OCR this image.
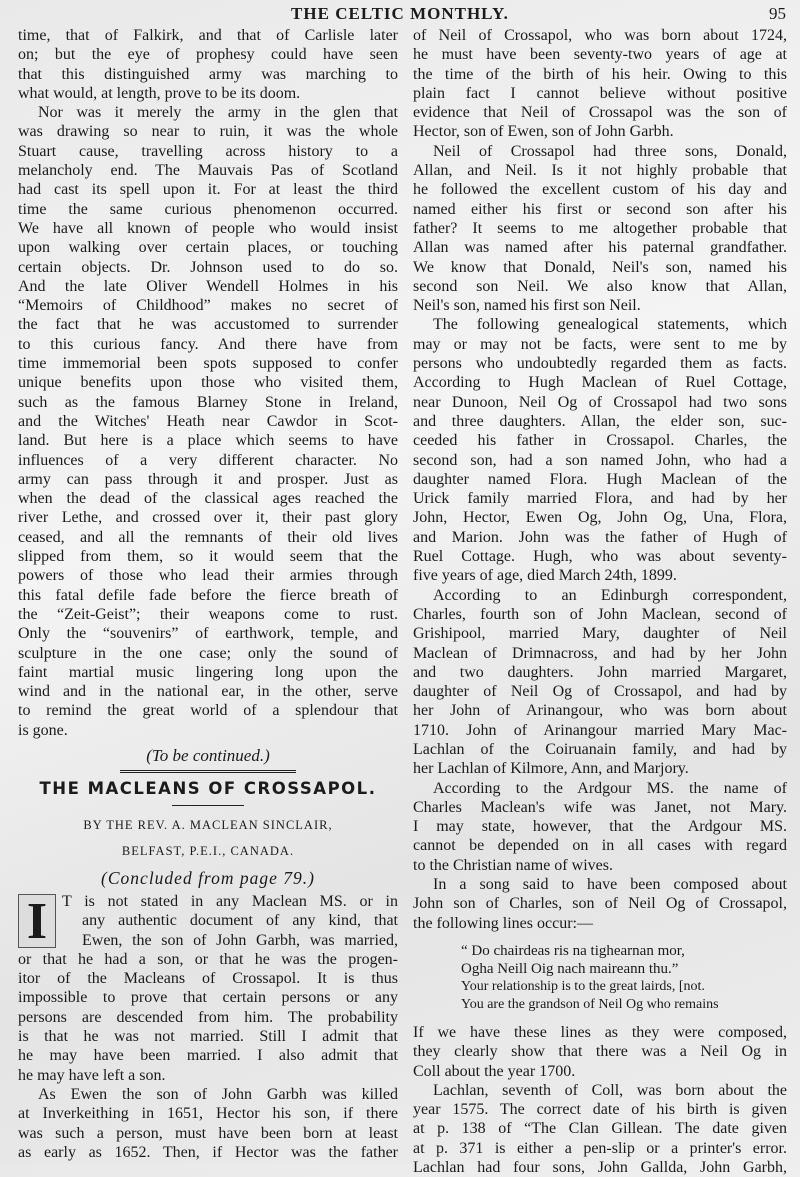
THE CELTIC MONTHLY.	95
time, that of Falkirk, and that of Carlisle later
on; but the eye of prophesy could have seen
that this distinguished army was marching to
what would, at length, prove to be its doom.
Nor was it merely the army in the glen that
was drawing so near to ruin, it was the whole
Stuart cause, travelling across history to a
melancholy end. The Mauvais Pas of Scotland
had cast its spell upon it. For at least the third
time the same curious phenomenon occurred.
We have all known of people who would insist
upon walking over certain places, or touching
certain objects. Dr. Johnson used to do so.
And the late Oliver Wendell Holmes in his
“Memoirs of Childhood” makes no secret of
the fact that he was accustomed to surrender
to this curious fancy. And there have from
time immemorial been spots supposed to confer
unique benefits upon those who visited them,
such as the famous Blarney Stone in Ireland,
and the Witches' Heath near Cawdor in Scot-
land. But here is a place which seems to have
influences of a very different character. No
army can pass through it and prosper. Just as
when the dead of the classical ages reached the
river Lethe, and crossed over it, their past glory
ceased, and all the remnants of their old lives
slipped from them, so it would seem that the
powers of those who lead their armies through
this fatal defile fade before the fierce breath of
the “Zeit-Geist”; their weapons come to rust.
Only the “souvenirs” of earthwork, temple, and
sculpture in the one case; only the sound of
faint martial music lingering long upon the
wind and in the national ear, in the other, serve
to remind the great world of a splendour that
is gone.
(To be continued.)
THE MACLEANS OF CROSSAPOL.
BY THE REV. A. MACLEAN SINCLAIR,
BELFAST, P.E.I., CANADA.
(Concluded from page 79.)
I T is not stated in any Maclean MS. or in
any authentic document of any kind, that
Ewen, the son of John Garbh, was married,
or that he had a son, or that he was the progen-
itor of the Macleans of Crossapol. It is thus
impossible to prove that certain persons or any
persons are descended from him. The probability
is that he was not married. Still I admit that
he may have been married. I also admit that
he may have left a son.
As Ewen the son of John Garbh was killed
at Inverkeithing in 1651, Hector his son, if there
was such a person, must have been born at least
as early as 1652. Then, if Hector was the father
of Neil of Crossapol, who was born about 1724,
he must have been seventy-two years of age at
the time of the birth of his heir. Owing to this
plain fact I cannot believe without positive
evidence that Neil of Crossapol was the son of
Hector, son of Ewen, son of John Garbh.
Neil of Crossapol had three sons, Donald,
Allan, and Neil. Is it not highly probable that
he followed the excellent custom of his day and
named either his first or second son after his
father? It seems to me altogether probable that
Allan was named after his paternal grandfather.
We know that Donald, Neil's son, named his
second son Neil. We also know that Allan,
Neil's son, named his first son Neil.
The following genealogical statements, which
may or may not be facts, were sent to me by
persons who undoubtedly regarded them as facts.
According to Hugh Maclean of Ruel Cottage,
near Dunoon, Neil Og of Crossapol had two sons
and three daughters. Allan, the elder son, suc-
ceeded his father in Crossapol. Charles, the
second son, had a son named John, who had a
daughter named Flora. Hugh Maclean of the
Urick family married Flora, and had by her
John, Hector, Ewen Og, John Og, Una, Flora,
and Marion. John was the father of Hugh of
Ruel Cottage. Hugh, who was about seventy-
five years of age, died March 24th, 1899.
According to an Edinburgh correspondent,
Charles, fourth son of John Maclean, second of
Grishipool, married Mary, daughter of Neil
Maclean of Drimnacross, and had by her John
and two daughters. John married Margaret,
daughter of Neil Og of Crossapol, and had by
her John of Arinangour, who was born about
1710. John of Arinangour married Mary Mac-
Lachlan of the Coiruanain family, and had by
her Lachlan of Kilmore, Ann, and Marjory.
According to the Ardgour MS. the name of
Charles Maclean's wife was Janet, not Mary.
I may state, however, that the Ardgour MS.
cannot be depended on in all cases with regard
to the Christian name of wives.
In a song said to have been composed about
John son of Charles, son of Neil Og of Crossapol,
the following lines occur:—
“ Do chairdeas ris na tighearnan mor,
Ogha Neill Oig nach maireann thu.”
Your relationship is to the great lairds, [not.
You are the grandson of Neil Og who remains
If we have these lines as they were composed,
they clearly show that there was a Neil Og in
Coll about the year 1700.
Lachlan, seventh of Coll, was born about the
year 1575. The correct date of his birth is given
at p. 138 of “The Clan Gillean. The date given
at p. 371 is either a pen-slip or a printer's error.
Lachlan had four sons, John Gallda, John Garbh,
